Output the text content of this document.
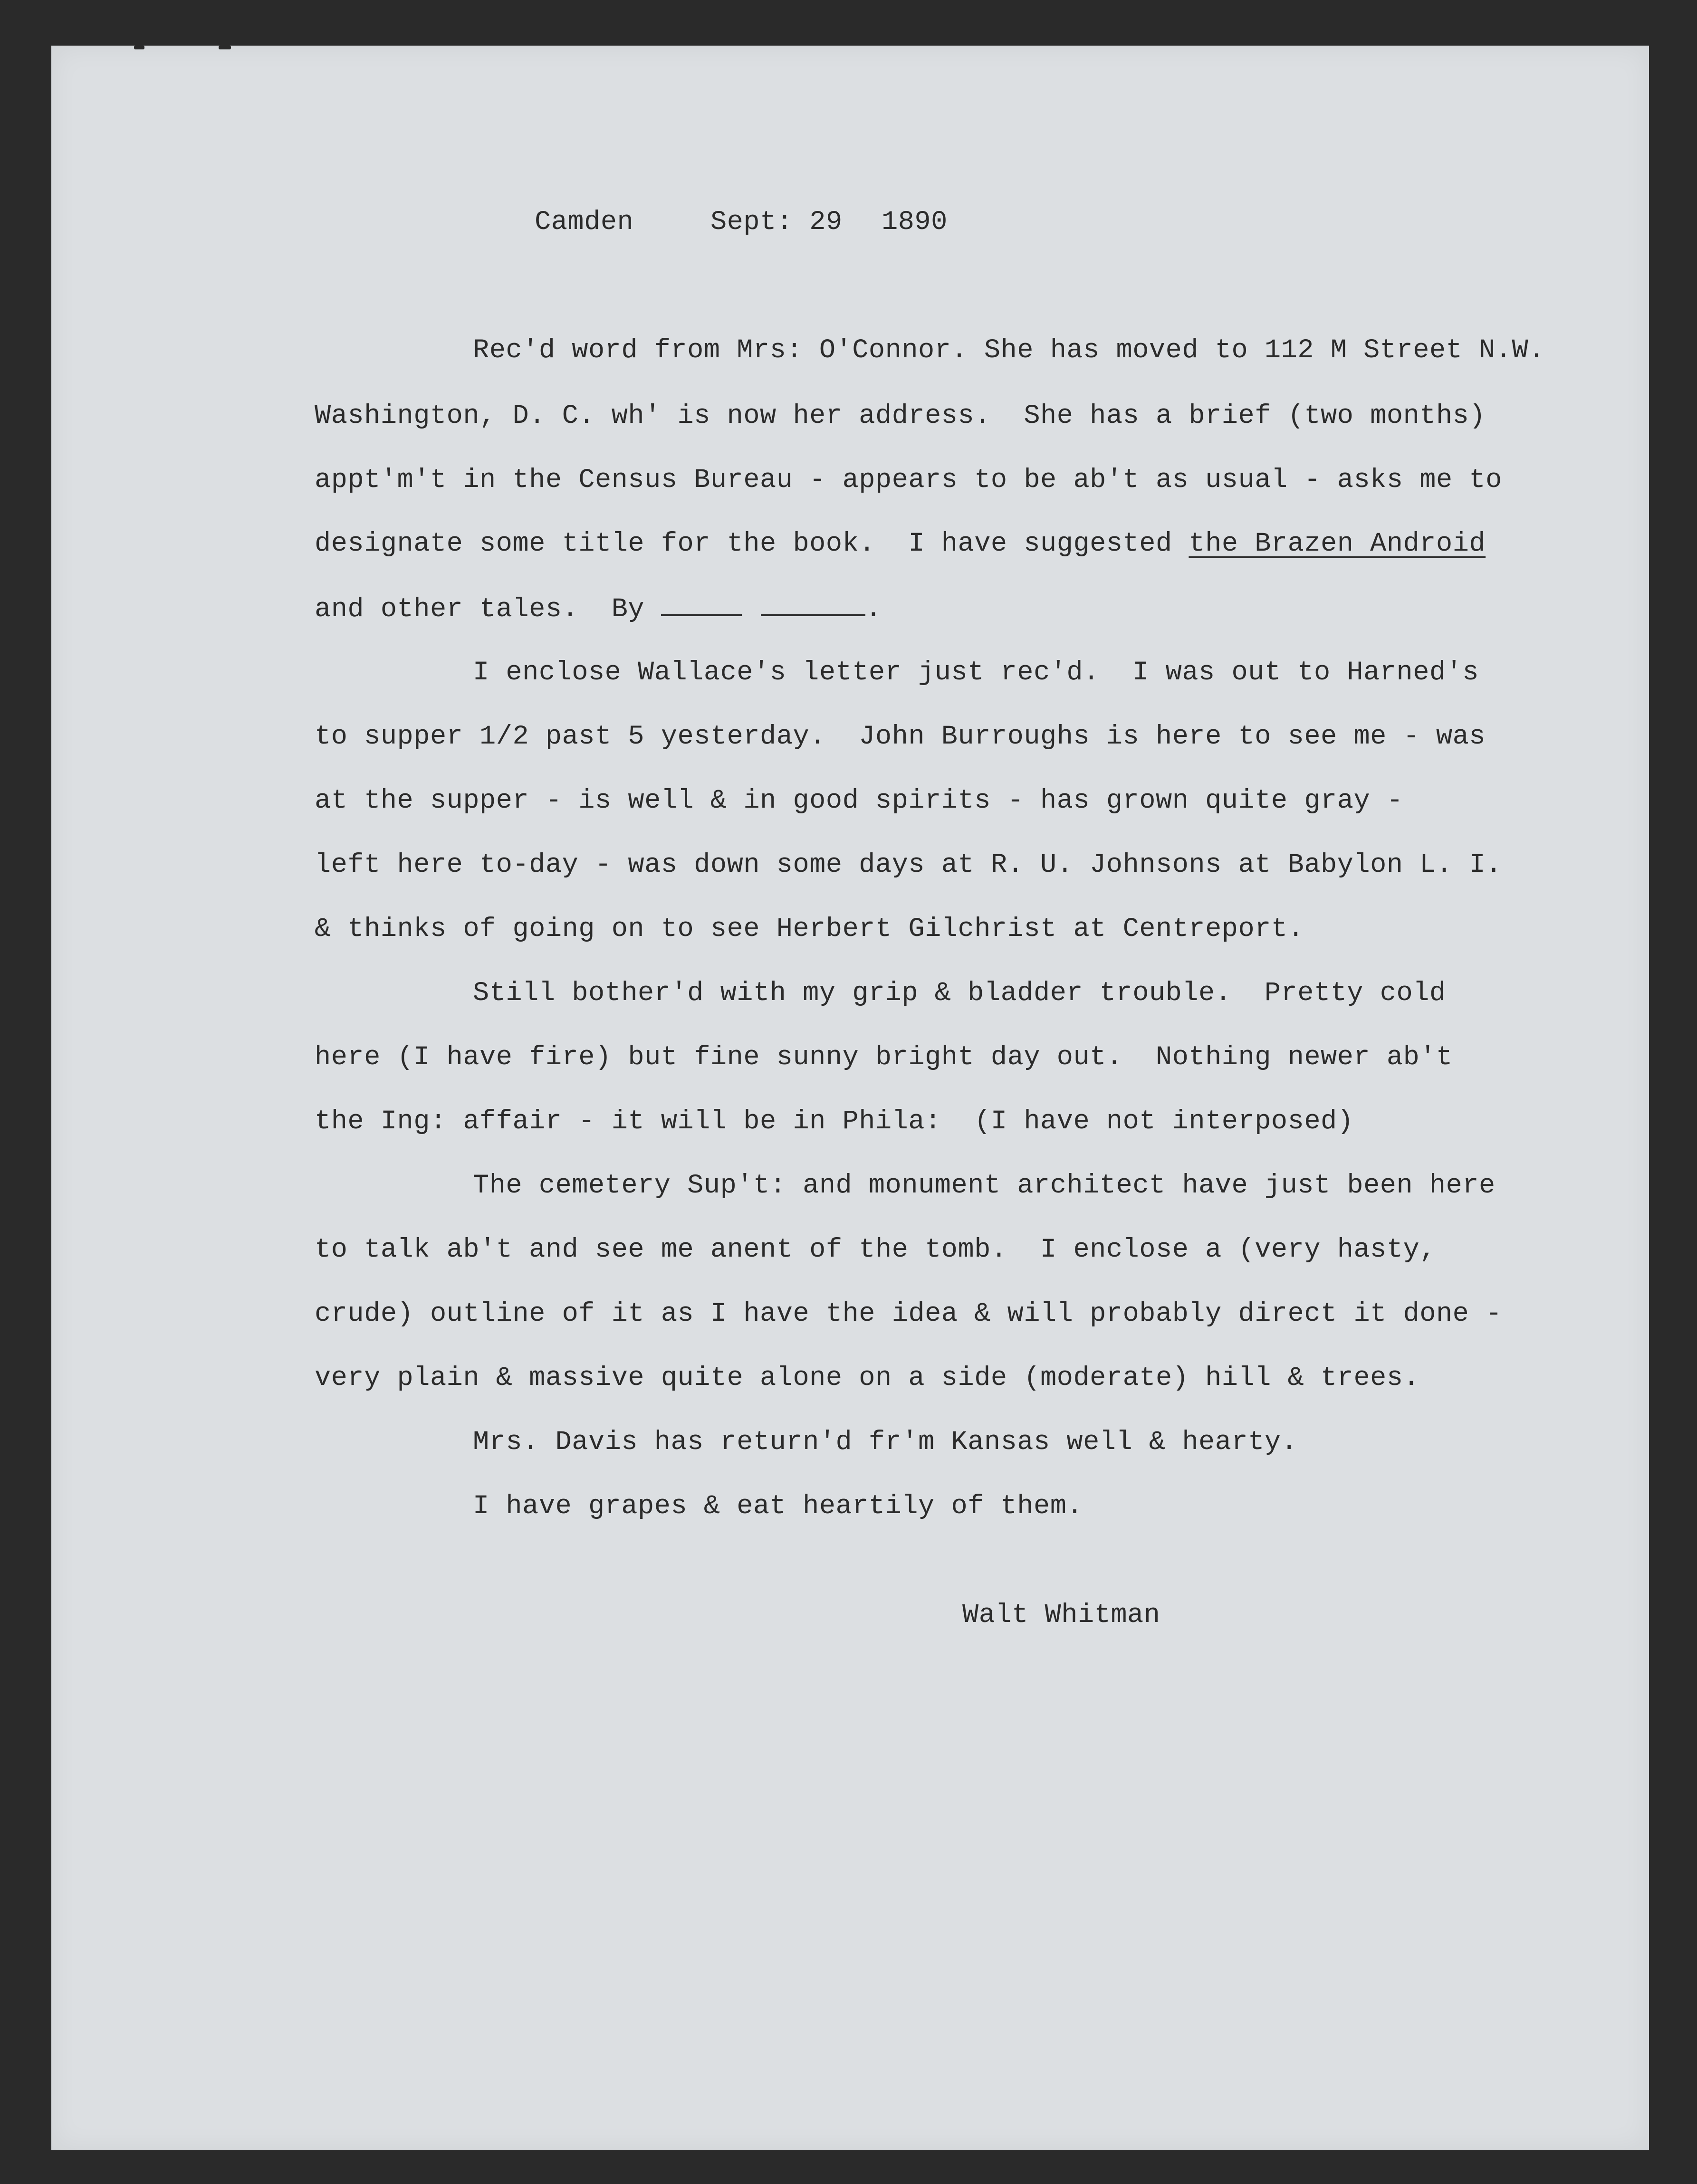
Camden	Sept: 29 1890
Rec'd word from Mrs: O'Connor. She has moved to 112 M Street N.W.
Washington, D. C. wh' is now her address.  She has a brief (two months)
appt'm't in the Census Bureau - appears to be ab't as usual - asks me to
designate some title for the book.  I have suggested the Brazen Android
and other tales.  By	.
I enclose Wallace's letter just rec'd.  I was out to Harned's
to supper 1/2 past 5 yesterday.  John Burroughs is here to see me - was
at the supper - is well & in good spirits - has grown quite gray -
left here to-day - was down some days at R. U. Johnsons at Babylon L. I.
& thinks of going on to see Herbert Gilchrist at Centreport.
Still bother'd with my grip & bladder trouble.  Pretty cold
here (I have fire) but fine sunny bright day out.  Nothing newer ab't
the Ing: affair - it will be in Phila:  (I have not interposed)
The cemetery Sup't: and monument architect have just been here
to talk ab't and see me anent of the tomb.  I enclose a (very hasty,
crude) outline of it as I have the idea & will probably direct it done -
very plain & massive quite alone on a side (moderate) hill & trees.
Mrs. Davis has return'd fr'm Kansas well & hearty.
I have grapes & eat heartily of them.
Walt Whitman
